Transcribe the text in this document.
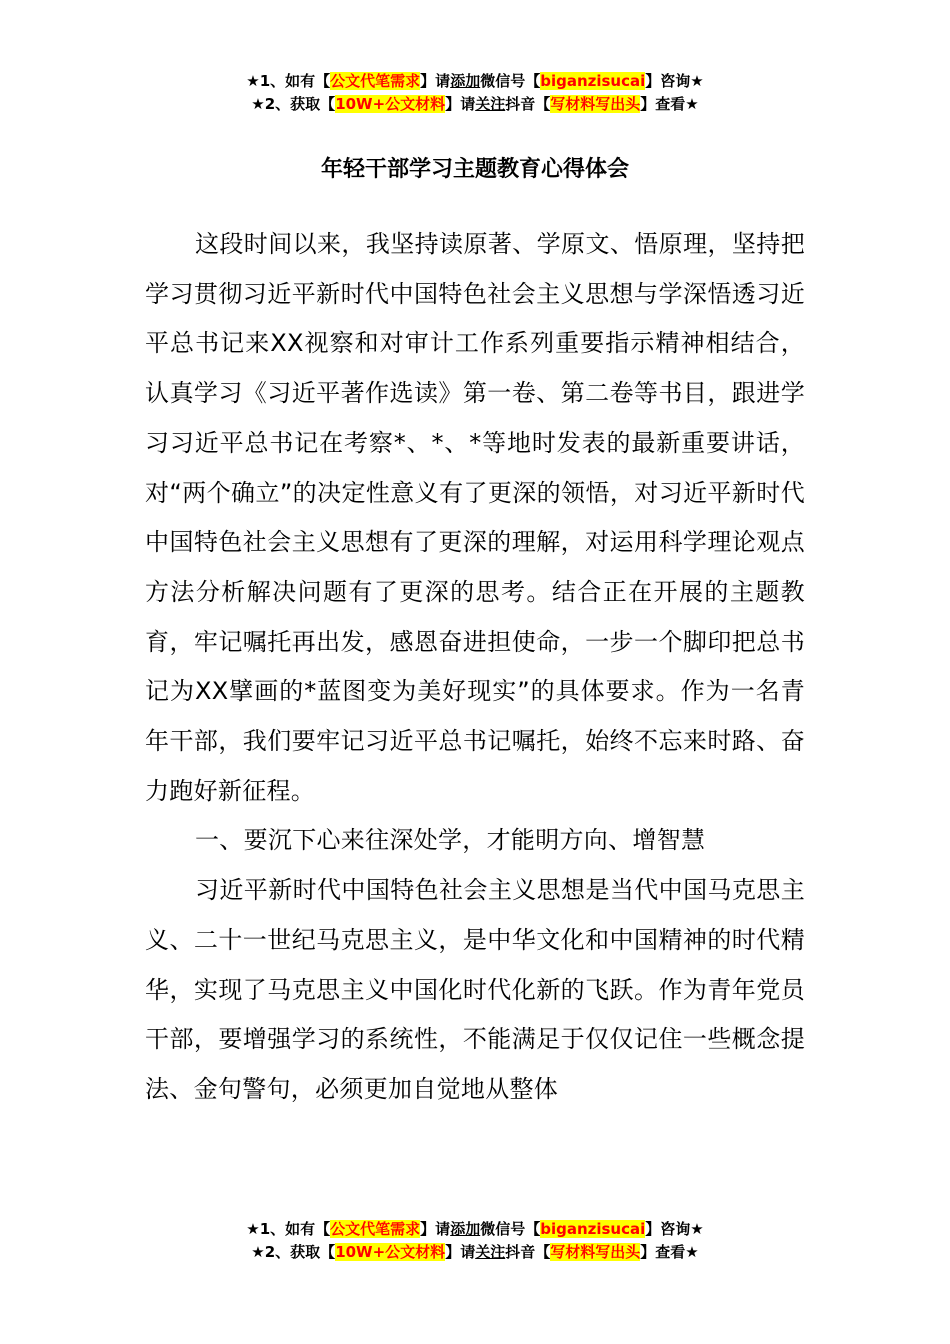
★1、如有【公文代笔需求】请添加微信号【biganzisucai】咨询★
★2、获取【10W+公文材料】请关注抖音【写材料写出头】查看★
年轻干部学习主题教育心得体会

这段时间以来，我坚持读原著、学原文、悟原理，坚持把学习贯彻习近平新时代中国特色社会主义思想与学深悟透习近平总书记来XX视察和对审计工作系列重要指示精神相结合，认真学习《习近平著作选读》第一卷、第二卷等书目，跟进学习习近平总书记在考察*、*、*等地时发表的最新重要讲话，对“两个确立”的决定性意义有了更深的领悟，对习近平新时代中国特色社会主义思想有了更深的理解，对运用科学理论观点方法分析解决问题有了更深的思考。结合正在开展的主题教育，牢记嘱托再出发，感恩奋进担使命，一步一个脚印把总书记为XX擘画的*蓝图变为美好现实”的具体要求。作为一名青年干部，我们要牢记习近平总书记嘱托，始终不忘来时路、奋力跑好新征程。

一、要沉下心来往深处学，才能明方向、增智慧

习近平新时代中国特色社会主义思想是当代中国马克思主义、二十一世纪马克思主义，是中华文化和中国精神的时代精华，实现了马克思主义中国化时代化新的飞跃。作为青年党员干部，要增强学习的系统性，不能满足于仅仅记住一些概念提法、金句警句，必须更加自觉地从整体

★1、如有【公文代笔需求】请添加微信号【biganzisucai】咨询★
★2、获取【10W+公文材料】请关注抖音【写材料写出头】查看★
